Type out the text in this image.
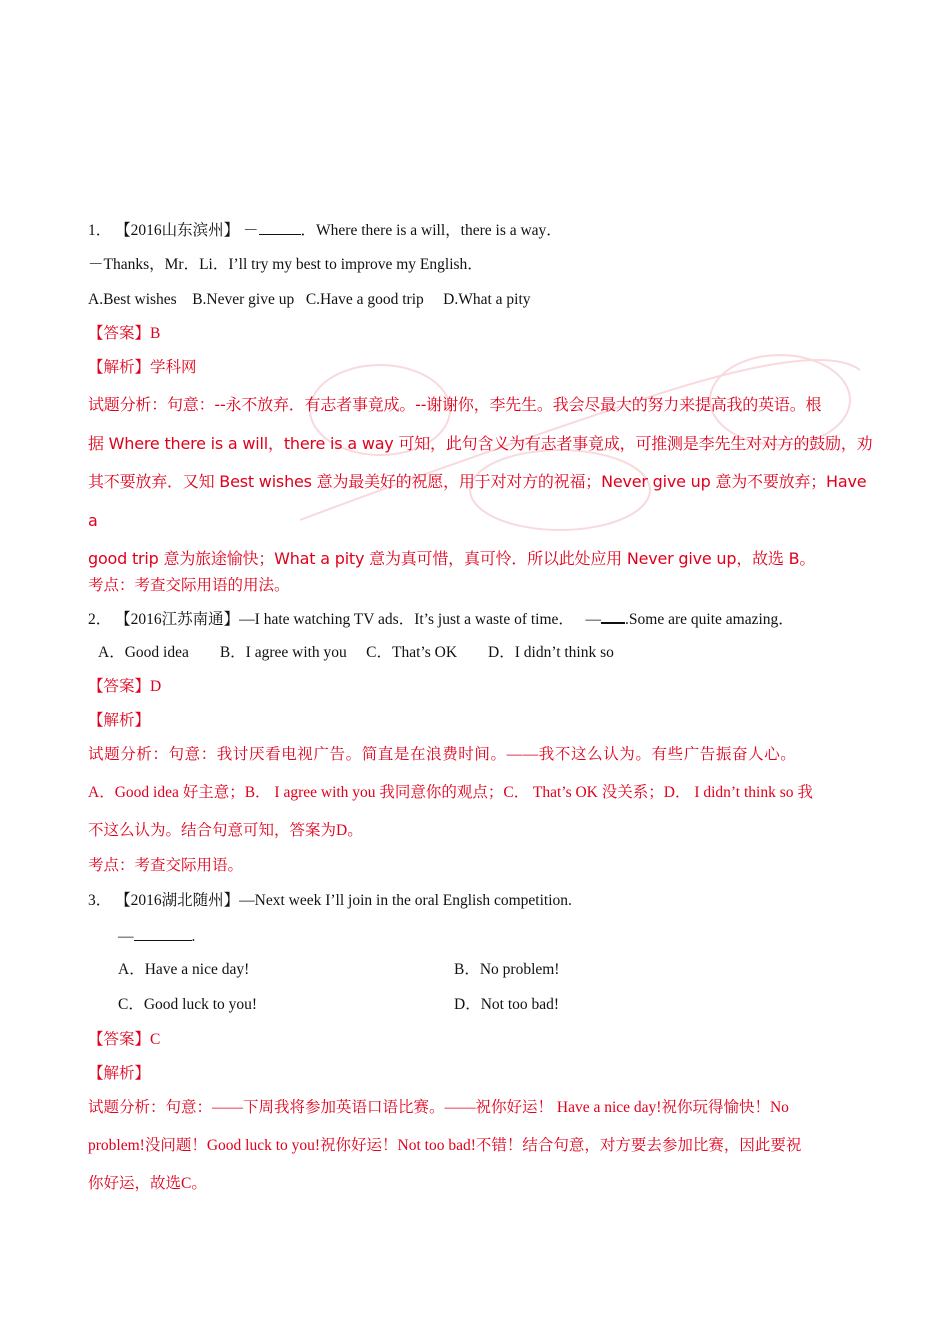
1． 【2016山东滨州】 －	．Where there is a will，there is a way．
－Thanks，Mr．Li．I’ll try my best to improve my English．
A.Best wishes    B.Never give up   C.Have a good trip     D.What a pity
【答案】B
【解析】学科网
试题分析：句意：--永不放弃．有志者事竟成。--谢谢你，李先生。我会尽最大的努力来提高我的英语。根
据 Where there is a will，there is a way 可知，此句含义为有志者事竟成，可推测是李先生对对方的鼓励，劝
其不要放弃．又知 Best wishes 意为最美好的祝愿，用于对对方的祝福；Never give up 意为不要放弃；Have a
good trip 意为旅途愉快；What a pity 意为真可惜，真可怜．所以此处应用 Never give up，故选 B。
考点：考查交际用语的用法。
2． 【2016江苏南通】—I hate watching TV ads．It’s just a waste of time．   — .Some are quite amazing．
A．Good idea        B．I agree with you     C．That’s OK        D．I didn’t think so
【答案】D
【解析】
试题分析：句意：我讨厌看电视广告。简直是在浪费时间。——我不这么认为。有些广告振奋人心。
A．Good idea 好主意；B． I agree with you 我同意你的观点；C． That’s OK 没关系；D． I didn’t think so 我
不这么认为。结合句意可知，答案为D。
考点：考查交际用语。
3． 【2016湖北随州】—Next week I’ll join in the oral English competition.
—	.
A．Have a nice day!	B．No problem!
C．Good luck to you!	D．Not too bad!
【答案】C
【解析】
试题分析：句意：——下周我将参加英语口语比赛。——祝你好运！ Have a nice day!祝你玩得愉快！No
problem!没问题！Good luck to you!祝你好运！Not too bad!不错！结合句意，对方要去参加比赛，因此要祝
你好运，故选C。
